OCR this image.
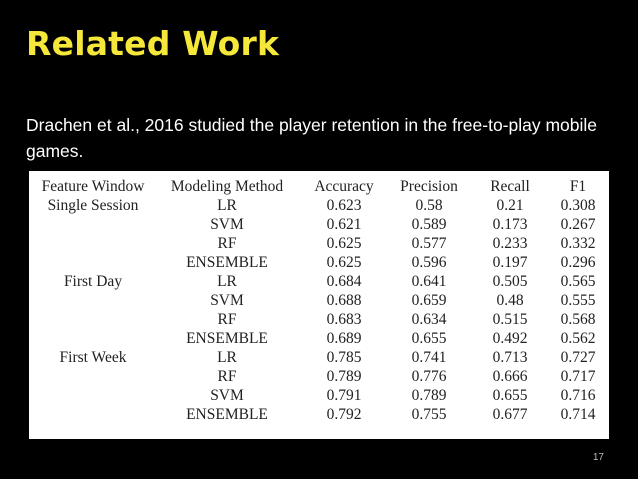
Related Work
Drachen et al., 2016 studied the player retention in the free-to-play mobile games.
Feature Window	Modeling Method	Accuracy	Precision	Recall	F1
Single Session	LR	0.623	0.58	0.21	0.308
	SVM	0.621	0.589	0.173	0.267
	RF	0.625	0.577	0.233	0.332
	ENSEMBLE	0.625	0.596	0.197	0.296
First Day	LR	0.684	0.641	0.505	0.565
	SVM	0.688	0.659	0.48	0.555
	RF	0.683	0.634	0.515	0.568
	ENSEMBLE	0.689	0.655	0.492	0.562
First Week	LR	0.785	0.741	0.713	0.727
	RF	0.789	0.776	0.666	0.717
	SVM	0.791	0.789	0.655	0.716
	ENSEMBLE	0.792	0.755	0.677	0.714
17
